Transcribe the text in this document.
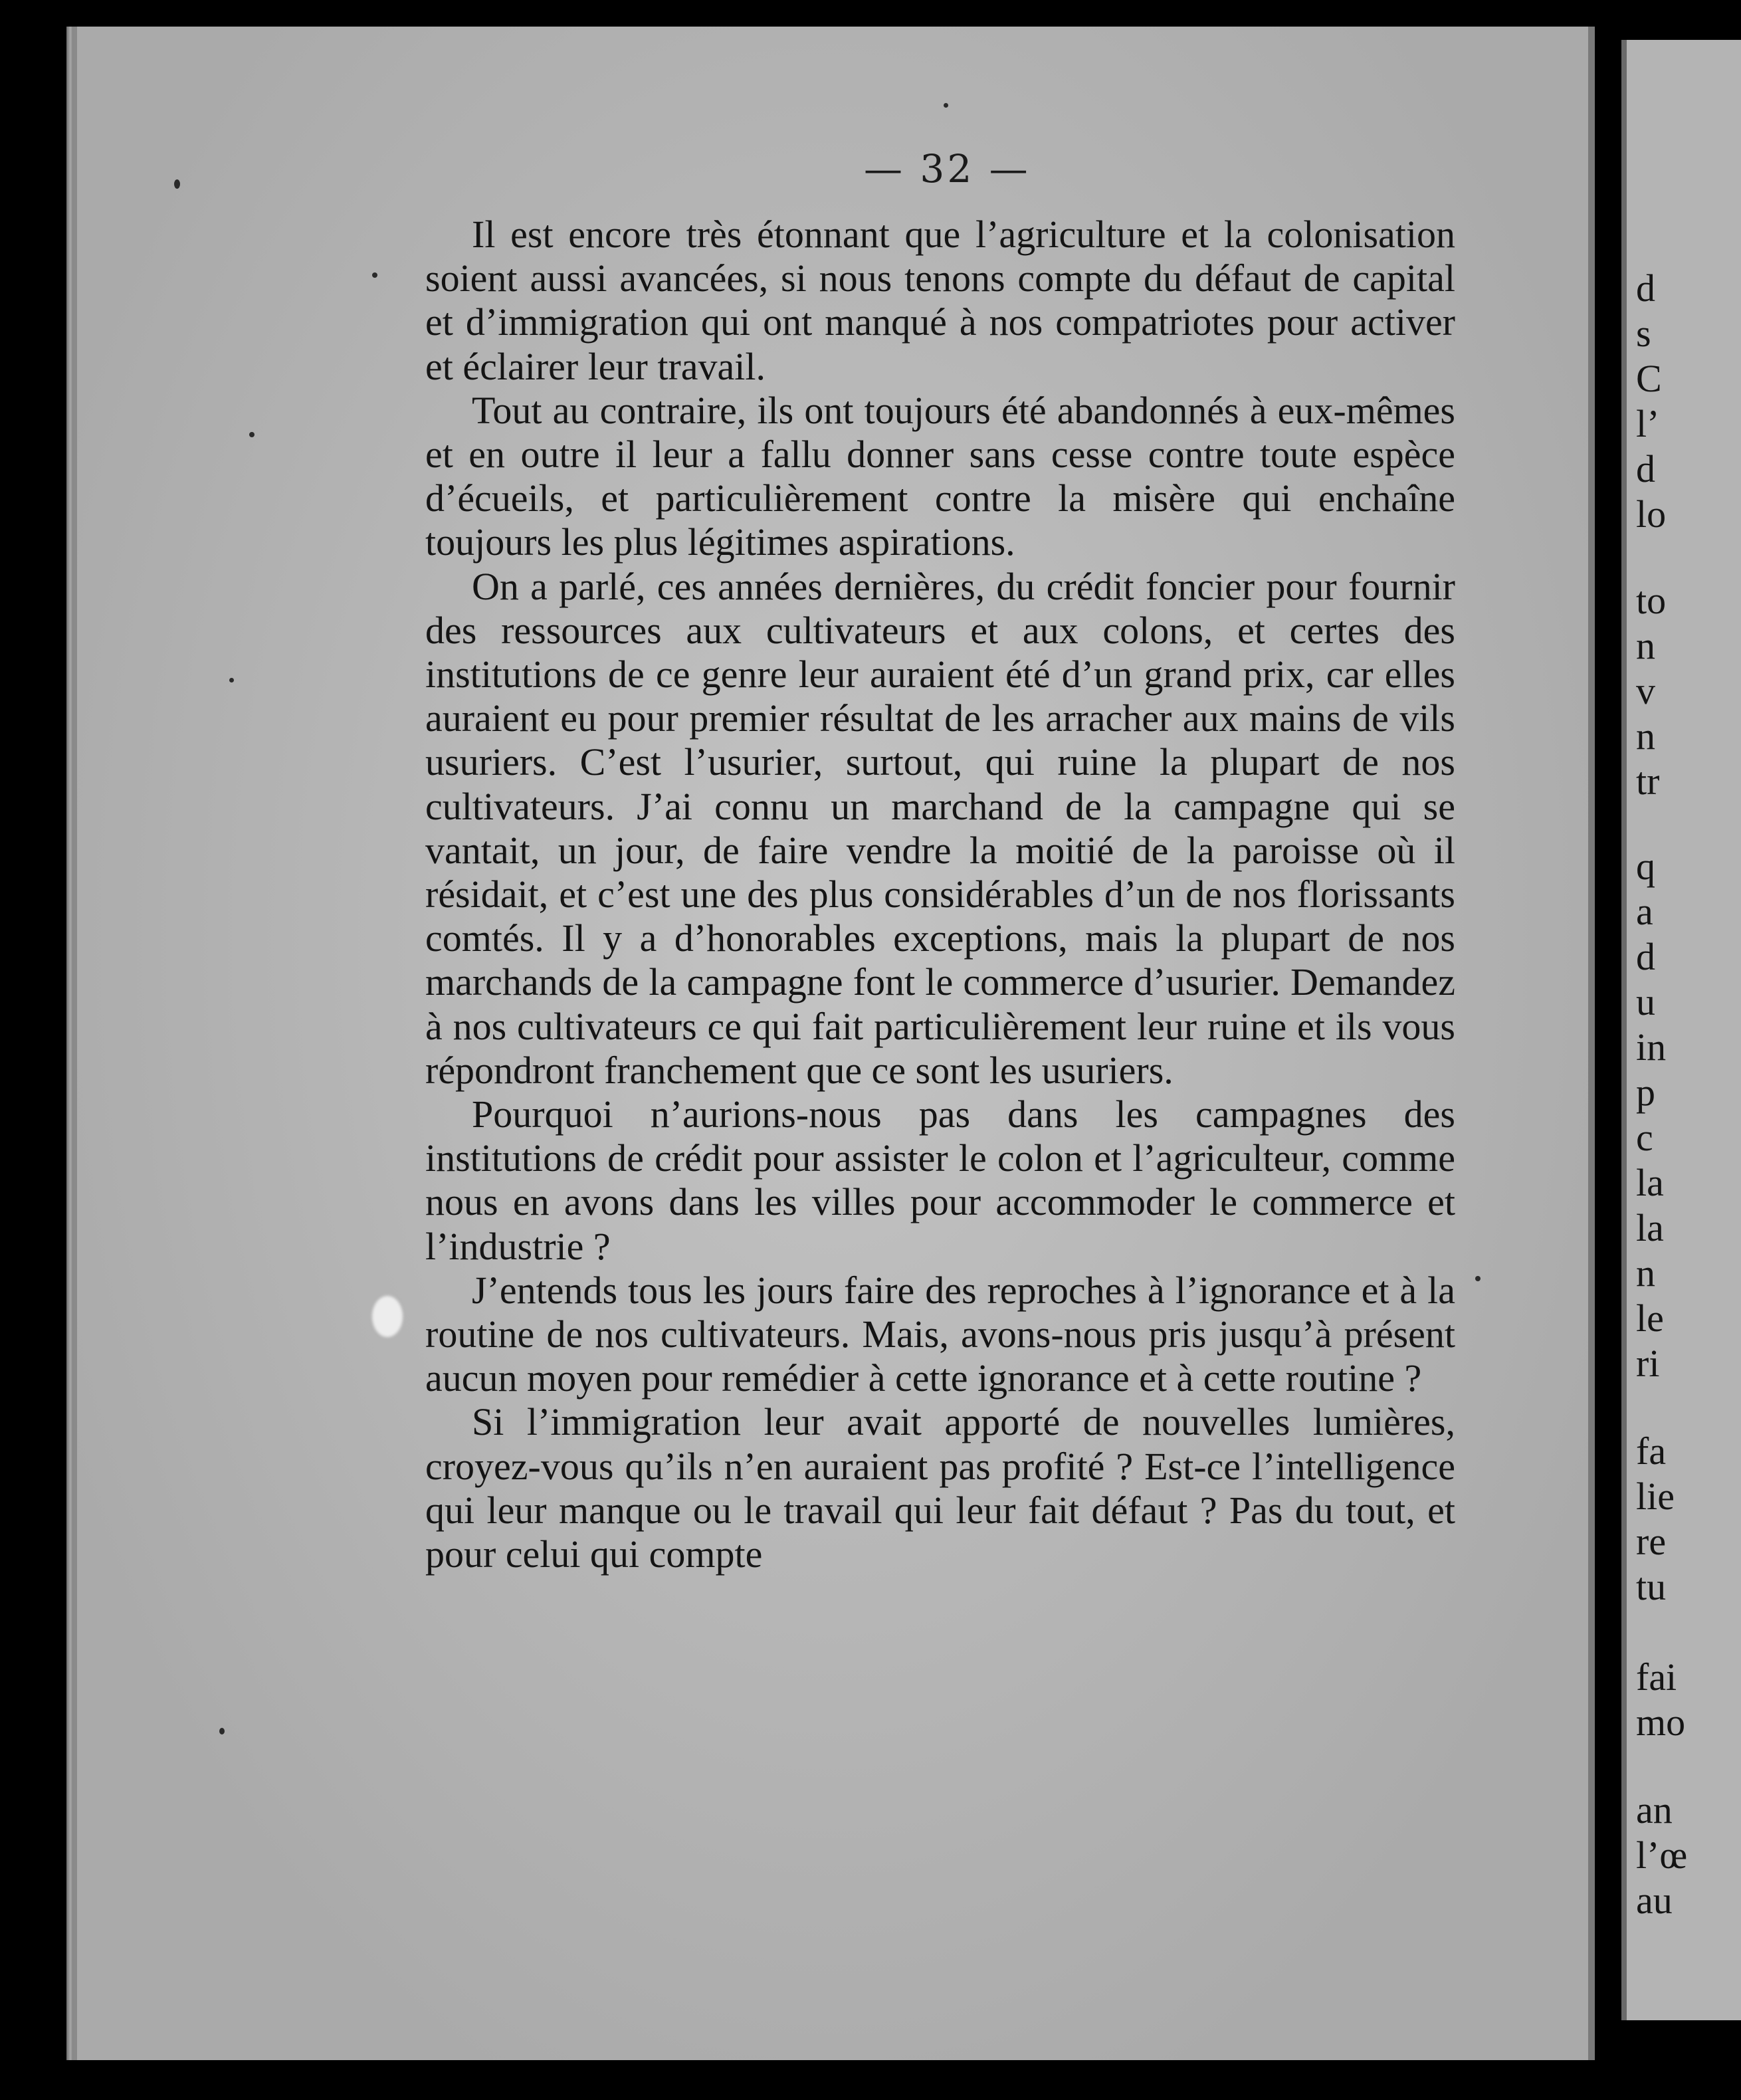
— 32 —

Il est encore très étonnant que l’agriculture et la colonisation soient aussi avancées, si nous tenons compte du défaut de capital et d’immigration qui ont manqué à nos compatriotes pour activer et éclairer leur travail.

Tout au contraire, ils ont toujours été abandonnés à eux-mêmes et en outre il leur a fallu donner sans cesse contre toute espèce d’écueils, et particulièrement contre la misère qui enchaîne toujours les plus légitimes aspirations.

On a parlé, ces années dernières, du crédit foncier pour fournir des ressources aux cultivateurs et aux colons, et certes des institutions de ce genre leur auraient été d’un grand prix, car elles auraient eu pour premier résultat de les arracher aux mains de vils usuriers. C’est l’usurier, surtout, qui ruine la plupart de nos cultivateurs. J’ai connu un marchand de la campagne qui se vantait, un jour, de faire vendre la moitié de la paroisse où il résidait, et c’est une des plus considérables d’un de nos florissants comtés. Il y a d’honorables exceptions, mais la plupart de nos marchands de la campagne font le commerce d’usurier. Demandez à nos cultivateurs ce qui fait particulièrement leur ruine et ils vous répondront franchement que ce sont les usuriers.

Pourquoi n’aurions-nous pas dans les campagnes des institutions de crédit pour assister le colon et l’agriculteur, comme nous en avons dans les villes pour accommoder le commerce et l’industrie ?

J’entends tous les jours faire des reproches à l’ignorance et à la routine de nos cultivateurs. Mais, avons-nous pris jusqu’à présent aucun moyen pour remédier à cette ignorance et à cette routine ?

Si l’immigration leur avait apporté de nouvelles lumières, croyez-vous qu’ils n’en auraient pas profité ? Est-ce l’intelligence qui leur manque ou le travail qui leur fait défaut ? Pas du tout, et pour celui qui compte

d
s
C
l’
d
lo
to
n
v
n
tr
q
a
d
u
in
p
c
la
la
n
le
ri
fa
lie
re
tu
fai
mo
an
l’œ
au
